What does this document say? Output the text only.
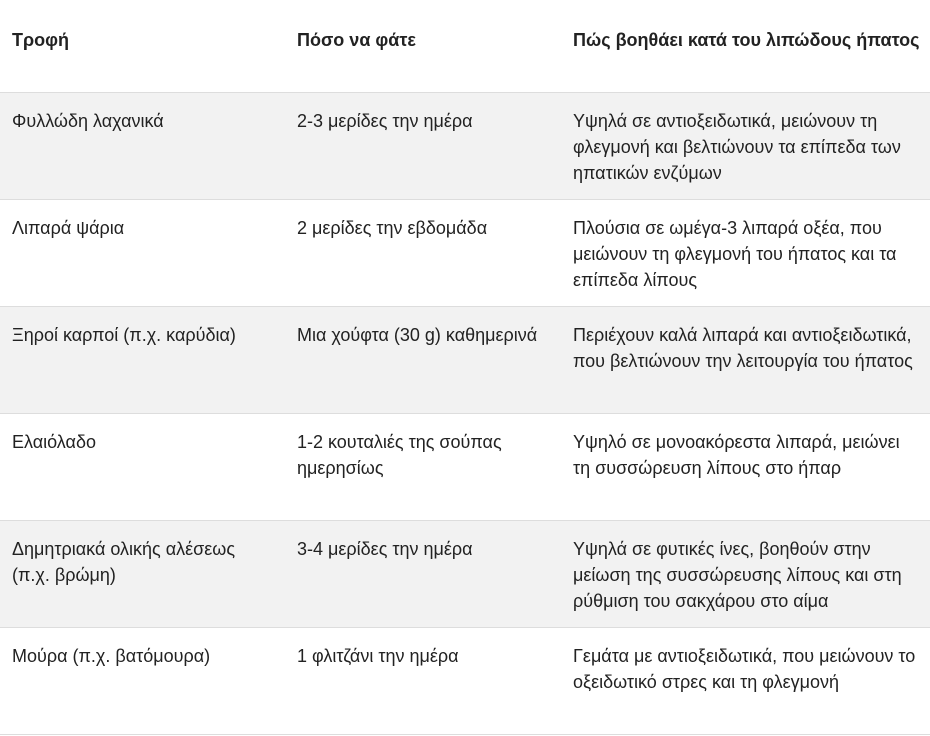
Τροφή	Πόσο να φάτε	Πώς βοηθάει κατά του λιπώδους ήπατος
Φυλλώδη λαχανικά	2-3 μερίδες την ημέρα	Υψηλά σε αντιοξειδωτικά, μειώνουν τη φλεγμονή και βελτιώνουν τα επίπεδα των ηπατικών ενζύμων
Λιπαρά ψάρια	2 μερίδες την εβδομάδα	Πλούσια σε ωμέγα-3 λιπαρά οξέα, που μειώνουν τη φλεγμονή του ήπατος και τα επίπεδα λίπους
Ξηροί καρποί (π.χ. καρύδια)	Μια χούφτα (30 g) καθημερινά	Περιέχουν καλά λιπαρά και αντιοξειδωτικά, που βελτιώνουν την λειτουργία του ήπατος
Ελαιόλαδο	1-2 κουταλιές της σούπας ημερησίως	Υψηλό σε μονοακόρεστα λιπαρά, μειώνει τη συσσώρευση λίπους στο ήπαρ
Δημητριακά ολικής αλέσεως (π.χ. βρώμη)	3-4 μερίδες την ημέρα	Υψηλά σε φυτικές ίνες, βοηθούν στην μείωση της συσσώρευσης λίπους και στη ρύθμιση του σακχάρου στο αίμα
Μούρα (π.χ. βατόμουρα)	1 φλιτζάνι την ημέρα	Γεμάτα με αντιοξειδωτικά, που μειώνουν το οξειδωτικό στρες και τη φλεγμονή
